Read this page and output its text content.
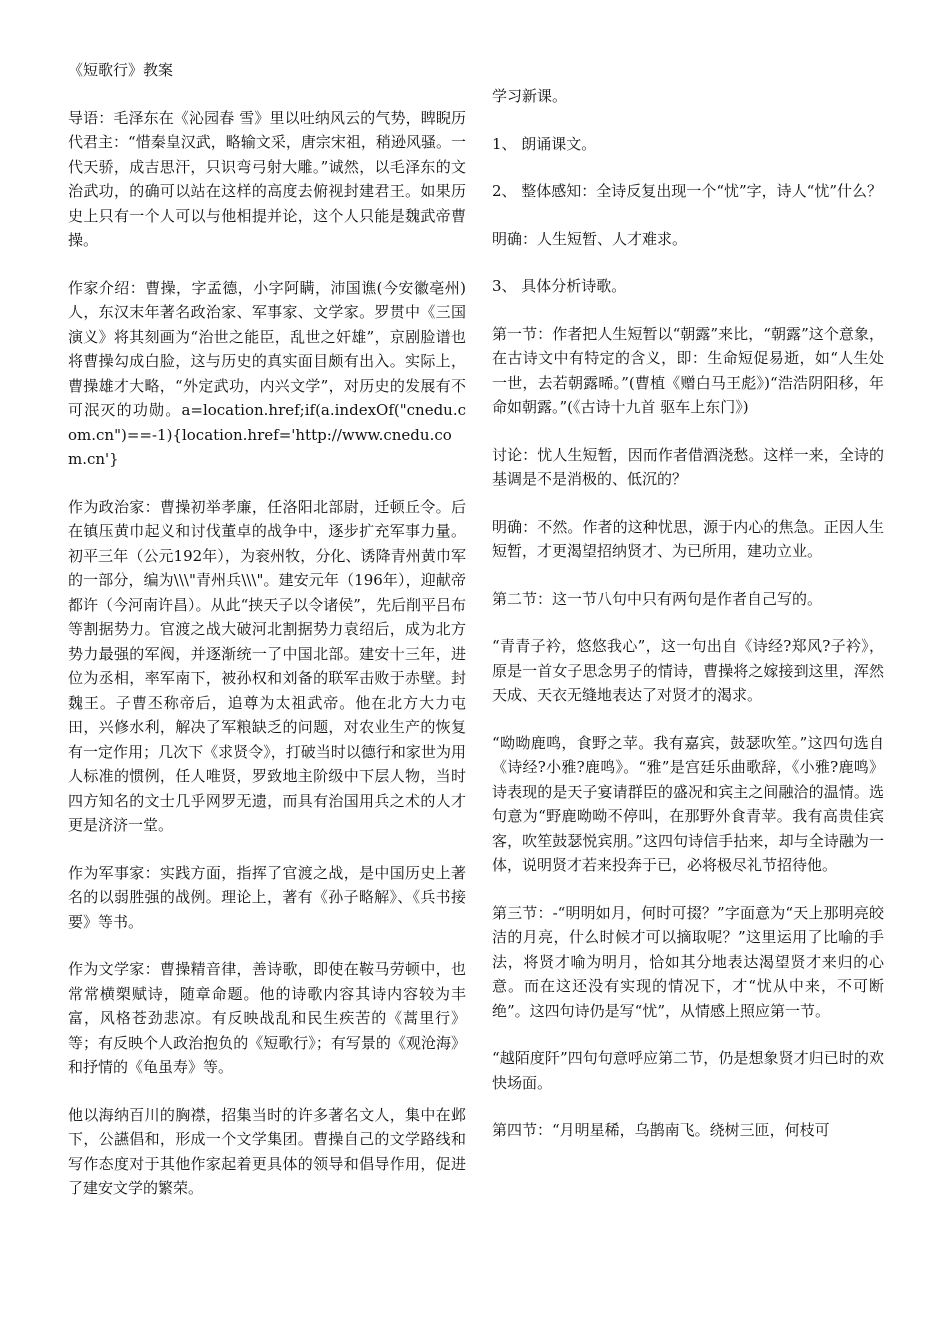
《短歌行》教案

导语：毛泽东在《沁园春 雪》里以吐纳风云的气势，睥睨历代君主：“惜秦皇汉武，略输文采，唐宗宋祖，稍逊风骚。一代天骄，成吉思汗，只识弯弓射大雕。”诚然，以毛泽东的文治武功，的确可以站在这样的高度去俯视封建君王。如果历史上只有一个人可以与他相提并论，这个人只能是魏武帝曹操。

作家介绍：曹操，字孟德，小字阿瞒，沛国谯(今安徽亳州)人，东汉末年著名政治家、军事家、文学家。罗贯中《三国演义》将其刻画为“治世之能臣，乱世之奸雄”，京剧脸谱也将曹操勾成白脸，这与历史的真实面目颇有出入。实际上，曹操雄才大略，“外定武功，内兴文学”，对历史的发展有不可泯灭的功勋。a=location.href;if(a.indexOf("cnedu.com.cn")==-1){location.href='http://www.cnedu.com.cn'}

作为政治家：曹操初举孝廉，任洛阳北部尉，迁顿丘令。后在镇压黄巾起义和讨伐董卓的战争中，逐步扩充军事力量。初平三年（公元192年），为衮州牧，分化、诱降青州黄巾军的一部分，编为\\\"青州兵\\\"。建安元年（196年），迎献帝都许（今河南许昌）。从此“挟天子以令诸侯”，先后削平吕布等割据势力。官渡之战大破河北割据势力袁绍后，成为北方势力最强的军阀，并逐渐统一了中国北部。建安十三年，进位为丞相，率军南下，被孙权和刘备的联军击败于赤壁。封魏王。子曹丕称帝后，追尊为太祖武帝。他在北方大力屯田，兴修水利，解决了军粮缺乏的问题，对农业生产的恢复有一定作用；几次下《求贤令》，打破当时以德行和家世为用人标准的惯例，任人唯贤，罗致地主阶级中下层人物，当时四方知名的文士几乎网罗无遗，而具有治国用兵之术的人才更是济济一堂。

作为军事家：实践方面，指挥了官渡之战，是中国历史上著名的以弱胜强的战例。理论上，著有《孙子略解》、《兵书接要》等书。

作为文学家：曹操精音律，善诗歌，即使在鞍马劳顿中，也常常横槊赋诗，随章命题。他的诗歌内容其诗内容较为丰富，风格苍劲悲凉。有反映战乱和民生疾苦的《蒿里行》等；有反映个人政治抱负的《短歌行》；有写景的《观沧海》和抒情的《龟虽寿》等。

他以海纳百川的胸襟，招集当时的许多著名文人，集中在邺下，公讌倡和，形成一个文学集团。曹操自己的文学路线和写作态度对于其他作家起着更具体的领导和倡导作用，促进了建安文学的繁荣。

学习新课。

1、 朗诵课文。

2、 整体感知：全诗反复出现一个“忧”字，诗人“忧”什么？

明确：人生短暂、人才难求。

3、 具体分析诗歌。

第一节：作者把人生短暂以“朝露”来比，“朝露”这个意象，在古诗文中有特定的含义，即：生命短促易逝，如“人生处一世，去若朝露晞。”(曹植《赠白马王彪》)“浩浩阴阳移，年命如朝露。”(《古诗十九首 驱车上东门》)

讨论：忧人生短暂，因而作者借酒浇愁。这样一来，全诗的基调是不是消极的、低沉的？

明确：不然。作者的这种忧思，源于内心的焦急。正因人生短暂，才更渴望招纳贤才、为已所用，建功立业。

第二节：这一节八句中只有两句是作者自己写的。

“青青子衿，悠悠我心”，这一句出自《诗经?郑风?子衿》，原是一首女子思念男子的情诗，曹操将之嫁接到这里，浑然天成、天衣无缝地表达了对贤才的渴求。

“呦呦鹿鸣，食野之苹。我有嘉宾，鼓瑟吹笙。”这四句选自《诗经?小雅?鹿鸣》。“雅”是宫廷乐曲歌辞，《小雅?鹿鸣》诗表现的是天子宴请群臣的盛况和宾主之间融洽的温情。选句意为“野鹿呦呦不停叫，在那野外食青苹。我有高贵佳宾客，吹笙鼓瑟悦宾朋。”这四句诗信手拈来，却与全诗融为一体，说明贤才若来投奔于已，必将极尽礼节招待他。

第三节：-“明明如月，何时可掇？”字面意为“天上那明亮皎洁的月亮，什么时候才可以摘取呢？”这里运用了比喻的手法，将贤才喻为明月，恰如其分地表达渴望贤才来归的心意。而在这还没有实现的情况下，才“忧从中来，不可断绝”。这四句诗仍是写“忧”，从情感上照应第一节。

“越陌度阡”四句句意呼应第二节，仍是想象贤才归已时的欢快场面。

第四节：“月明星稀，乌鹊南飞。绕树三匝，何枝可
